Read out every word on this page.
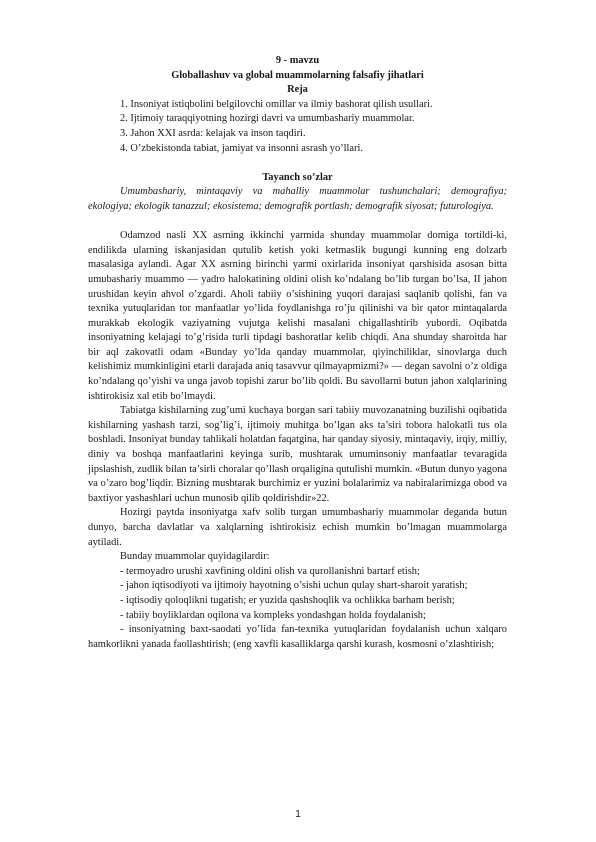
9 - mavzu
Globallashuv va global muammolarning falsafiy jihatlari
Reja
1. Insoniyat istiqbolini belgilovchi omillar va ilmiy bashorat qilish usullari.
2. Ijtimoiy taraqqiyotning hozirgi davri va umumbashariy muammolar.
3. Jahon XXI asrda: kelajak va inson taqdiri.
4. O’zbekistonda tabiat, jamiyat va insonni asrash yo’llari.
Tayanch so’zlar
Umumbashariy, mintaqaviy va mahalliy muammolar tushunchalari; demografiya; ekologiya; ekologik tanazzul; ekosistema; demografik portlash; demografik siyosat; futurologiya.
Odamzod nasli XX asrning ikkinchi yarmida shunday muammolar domiga tortildi-ki, endilikda ularning iskanjasidan qutulib ketish yoki ketmaslik bugungi kunning eng dolzarb masalasiga aylandi. Agar XX asrning birinchi yarmi oxirlarida insoniyat qarshisida asosan bitta umubashariy muammo — yadro halokatining oldini olish ko’ndalang bo’lib turgan bo’lsa, II jahon urushidan keyin ahvol o’zgardi. Aholi tabiiy o’sishining yuqori darajasi saqlanib qolishi, fan va texnika yutuqlaridan tor manfaatlar yo’lida foydlanishga ro’ju qilinishi va bir qator mintaqalarda murakkab ekologik vaziyatning vujutga kelishi masalani chigallashtirib yubordi. Oqibatda insoniyatning kelajagi to’g’risida turli tipdagi bashoratlar kelib chiqdi. Ana shunday sharoitda har bir aql zakovatli odam «Bunday yo’lda qanday muammolar, qiyinchiliklar, sinovlarga duch kelishimiz mumkinligini etarli darajada aniq tasavvur qilmayapmizmi?» — degan savolni o’z oldiga ko’ndalang qo’yishi va unga javob topishi zarur bo’lib qoldi. Bu savollarni butun jahon xalqlarining ishtirokisiz xal etib bo’lmaydi.
Tabiatga kishilarning zug’umi kuchaya borgan sari tabiiy muvozanatning buzilishi oqibatida kishilarning yashash tarzi, sog’lig’i, ijtimoiy muhitga bo’lgan aks ta’siri tobora halokatli tus ola boshladi. Insoniyat bunday tahlikali holatdan faqatgina, har qanday siyosiy, mintaqaviy, irqiy, milliy, diniy va boshqa manfaatlarini keyinga surib, mushtarak umuminsoniy manfaatlar tevaragida jipslashish, zudlik bilan ta’sirli choralar qo’llash orqaligina qutulishi mumkin. «Butun dunyo yagona va o’zaro bog’liqdir. Bizning mushtarak burchimiz er yuzini bolalarimiz va nabiralarimizga obod va baxtiyor yashashlari uchun munosib qilib qoldirishdir»22.
Hozirgi paytda insoniyatga xafv solib turgan umumbashariy muammolar deganda butun dunyo, barcha davlatlar va xalqlarning ishtirokisiz echish mumkin bo’lmagan muammolarga aytiladi.
Bunday muammolar quyidagilardir:
- termoyadro urushi xavfining oldini olish va qurollanishni bartarf etish;
- jahon iqtisodiyoti va ijtimoiy hayotning o’sishi uchun qulay shart-sharoit yaratish;
- iqtisodiy qoloqlikni tugatish; er yuzida qashshoqlik va ochlikka barham berish;
- tabiiy boyliklardan oqilona va kompleks yondashgan holda foydalanish;
- insoniyatning baxt-saodati yo’lida fan-texnika yutuqlaridan foydalanish uchun xalqaro hamkorlikni yanada faollashtirish; (eng xavfli kasalliklarga qarshi kurash, kosmosni o’zlashtirish;
1
